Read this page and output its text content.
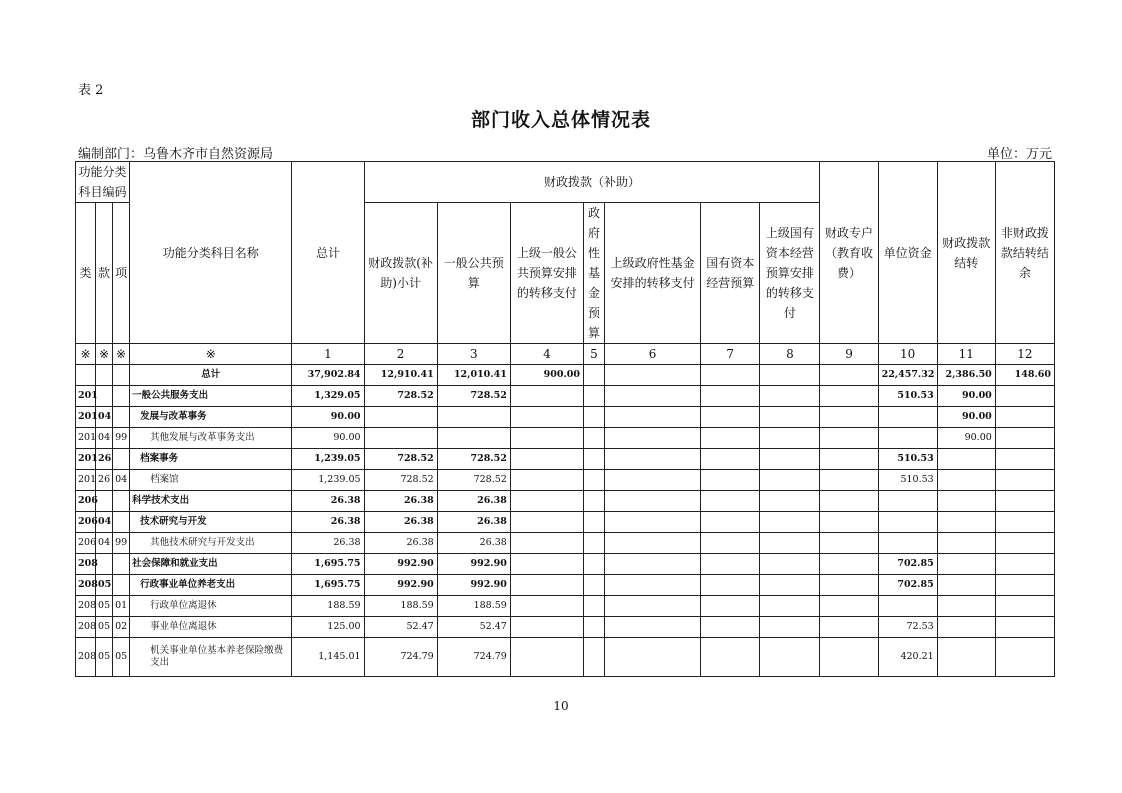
表 2
部门收入总体情况表
编制部门：乌鲁木齐市自然资源局	单位：万元
功能分类科目编码			功能分类科目名称	总计	财政拨款（补助）							财政专户（教育收费）	单位资金	财政拨款结转	非财政拨款结转结余
类	款	项			财政拨款(补助)小计	一般公共预算	上级一般公共预算安排的转移支付	政府性基金预算	上级政府性基金安排的转移支付	国有资本经营预算	上级国有资本经营预算安排的转移支付				
※	※	※	※	1	2	3	4	5	6	7	8	9	10	11	12
			总计	37,902.84	12,910.41	12,010.41	900.00						22,457.32	2,386.50	148.60
201			一般公共服务支出	1,329.05	728.52	728.52							510.53	90.00	
201	04		发展与改革事务	90.00										90.00	
201	04	99	其他发展与改革事务支出	90.00										90.00	
201	26		档案事务	1,239.05	728.52	728.52							510.53		
201	26	04	档案馆	1,239.05	728.52	728.52							510.53		
206			科学技术支出	26.38	26.38	26.38									
206	04		技术研究与开发	26.38	26.38	26.38									
206	04	99	其他技术研究与开发支出	26.38	26.38	26.38									
208			社会保障和就业支出	1,695.75	992.90	992.90							702.85		
208	05		行政事业单位养老支出	1,695.75	992.90	992.90							702.85		
208	05	01	行政单位离退休	188.59	188.59	188.59									
208	05	02	事业单位离退休	125.00	52.47	52.47							72.53		
208	05	05	机关事业单位基本养老保险缴费支出	1,145.01	724.79	724.79							420.21		
10
